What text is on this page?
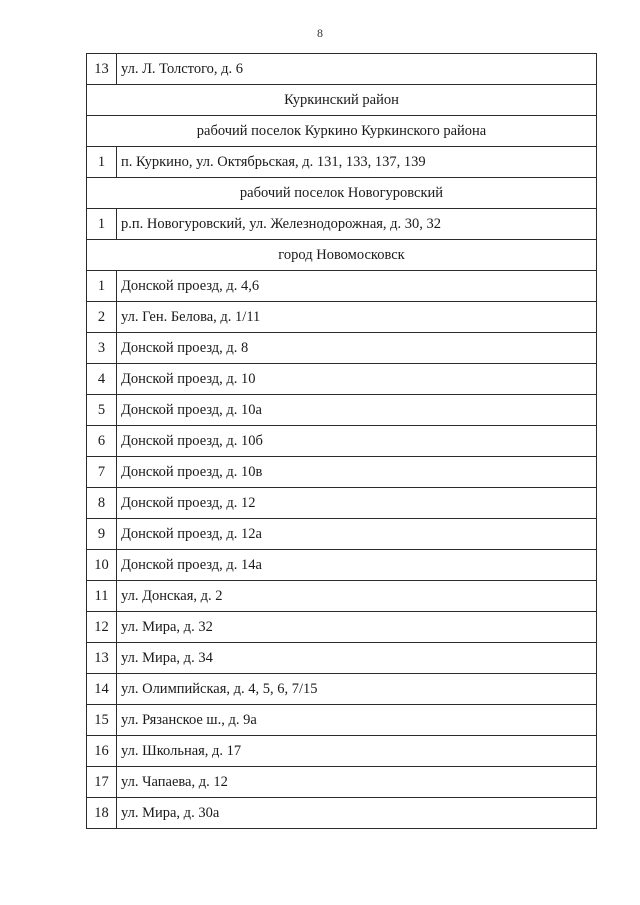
8
13	ул. Л. Толстого, д. 6
Куркинский район	
рабочий поселок Куркино Куркинского района	
1	п. Куркино, ул. Октябрьская, д. 131, 133, 137, 139
рабочий поселок Новогуровский	
1	р.п. Новогуровский, ул. Железнодорожная, д. 30, 32
город Новомосковск	
1	Донской проезд, д. 4,6
2	ул. Ген. Белова, д. 1/11
3	Донской проезд, д. 8
4	Донской проезд, д. 10
5	Донской проезд, д. 10а
6	Донской проезд, д. 10б
7	Донской проезд, д. 10в
8	Донской проезд, д. 12
9	Донской проезд, д. 12а
10	Донской проезд, д. 14а
11	ул. Донская, д. 2
12	ул. Мира, д. 32
13	ул. Мира, д. 34
14	ул. Олимпийская, д. 4, 5, 6, 7/15
15	ул. Рязанское ш., д. 9а
16	ул. Школьная, д. 17
17	ул. Чапаева, д. 12
18	ул. Мира, д. 30а
